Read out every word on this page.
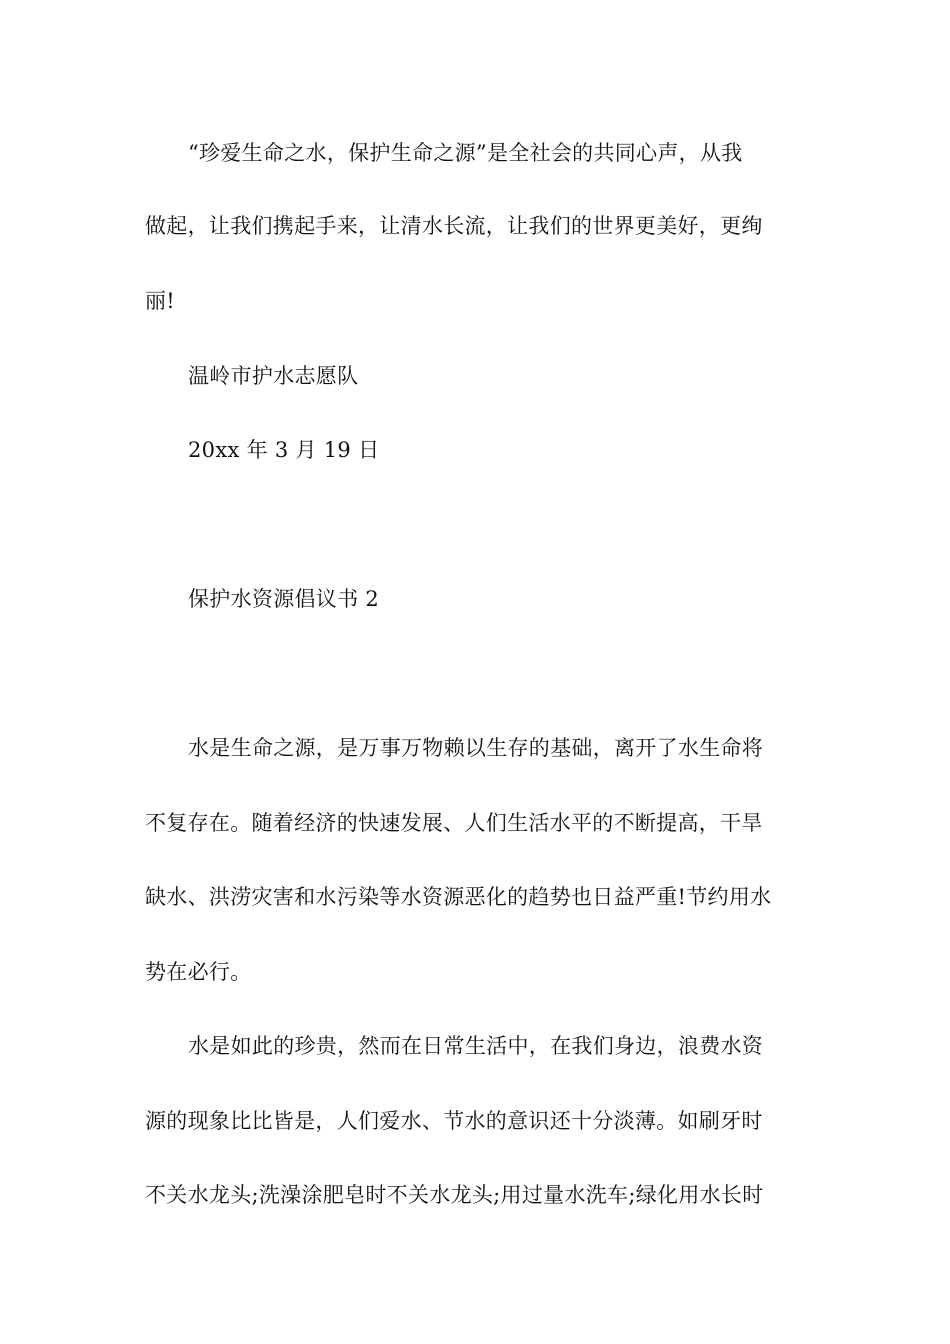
“珍爱生命之水，保护生命之源”是全社会的共同心声，从我
做起，让我们携起手来，让清水长流，让我们的世界更美好，更绚
丽!
温岭市护水志愿队
20xx 年 3 月 19 日
保护水资源倡议书 2
水是生命之源，是万事万物赖以生存的基础，离开了水生命将
不复存在。随着经济的快速发展、人们生活水平的不断提高，干旱
缺水、洪涝灾害和水污染等水资源恶化的趋势也日益严重!节约用水
势在必行。
水是如此的珍贵，然而在日常生活中，在我们身边，浪费水资
源的现象比比皆是，人们爱水、节水的意识还十分淡薄。如刷牙时
不关水龙头;洗澡涂肥皂时不关水龙头;用过量水洗车;绿化用水长时
